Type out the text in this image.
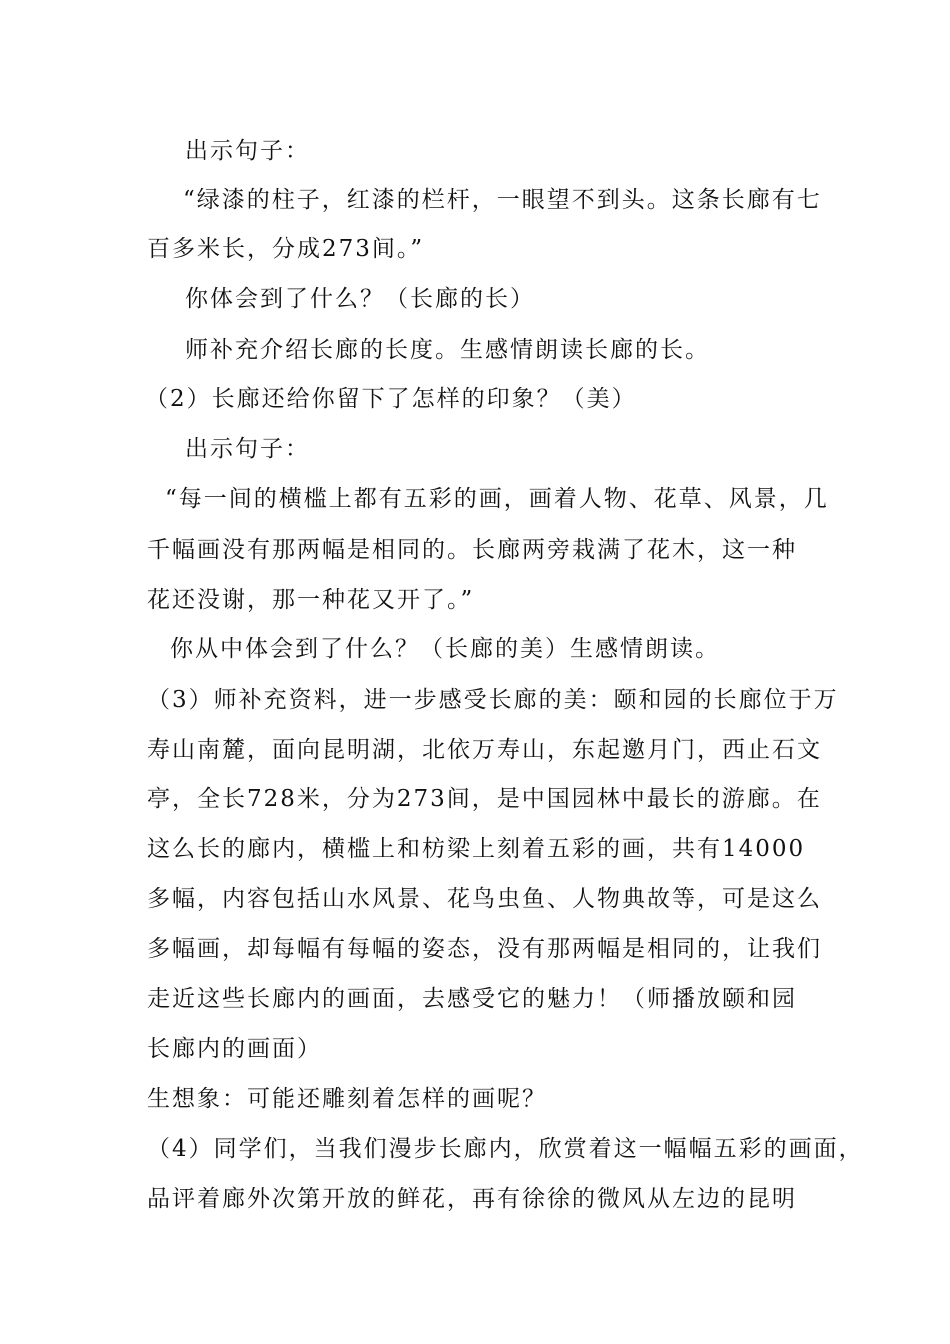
出示句子：
“绿漆的柱子，红漆的栏杆，一眼望不到头。这条长廊有七
百多米长，分成273间。”
你体会到了什么？（长廊的长）
师补充介绍长廊的长度。生感情朗读长廊的长。
（2）长廊还给你留下了怎样的印象？（美）
出示句子：
“每一间的横槛上都有五彩的画，画着人物、花草、风景，几
千幅画没有那两幅是相同的。长廊两旁栽满了花木，这一种
花还没谢，那一种花又开了。”
你从中体会到了什么？（长廊的美）生感情朗读。
（3）师补充资料，进一步感受长廊的美：颐和园的长廊位于万
寿山南麓，面向昆明湖，北依万寿山，东起邀月门，西止石文
亭，全长728米，分为273间，是中国园林中最长的游廊。在
这么长的廊内，横槛上和枋梁上刻着五彩的画，共有14000
多幅，内容包括山水风景、花鸟虫鱼、人物典故等，可是这么
多幅画，却每幅有每幅的姿态，没有那两幅是相同的，让我们
走近这些长廊内的画面，去感受它的魅力！（师播放颐和园
长廊内的画面）
生想象：可能还雕刻着怎样的画呢？
（4）同学们，当我们漫步长廊内，欣赏着这一幅幅五彩的画面，
品评着廊外次第开放的鲜花，再有徐徐的微风从左边的昆明
